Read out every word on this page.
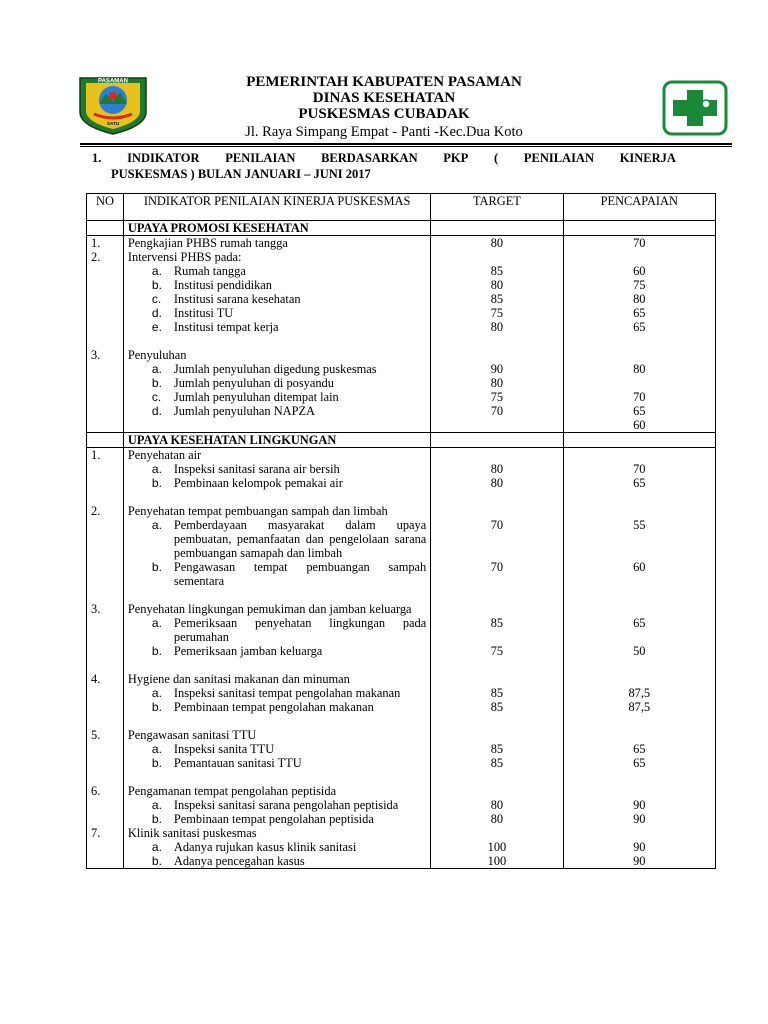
PASAMAN
SATU
PEMERINTAH KABUPATEN PASAMAN
DINAS KESEHATAN
PUSKESMAS CUBADAK
Jl. Raya Simpang Empat - Panti -Kec.Dua Koto
1. INDIKATOR PENILAIAN BERDASARKAN PKP ( PENILAIAN KINERJA
PUSKESMAS ) BULAN JANUARI – JUNI 2017
NO	INDIKATOR PENILAIAN KINERJA PUSKESMAS	TARGET	PENCAPAIAN
	UPAYA PROMOSI KESEHATAN		
1.	Pengkajian PHBS rumah tangga	80	70
2.	Intervensi PHBS pada:		

	a. Rumah tangga	85	60

	b. Institusi pendidikan	80	75

	c. Institusi sarana kesehatan	85	80

	d. Institusi TU	75	65

	e. Institusi tempat kerja	80	65

3.	Penyuluhan		

	a. Jumlah penyuluhan digedung puskesmas	90	80

	b. Jumlah penyuluhan di posyandu	80	

	c. Jumlah penyuluhan ditempat lain	75	70

	d. Jumlah penyuluhan NAPZA	70	65
			60
	UPAYA KESEHATAN LINGKUNGAN		
1.	Penyehatan air		

	a. Inspeksi sanitasi sarana air bersih	80	70

	b. Pembinaan kelompok pemakai air	80	65

2.	Penyehatan tempat pembuangan sampah dan limbah		

	a. Pemberdayaan masyarakat dalam upaya pembuatan, pemanfaatan dan pengelolaan sarana pembuangan samapah dan limbah	70	55

	b. Pengawasan tempat pembuangan sampah sementara	70	60

3.	Penyehatan lingkungan pemukiman dan jamban keluarga		

	a. Pemeriksaan penyehatan lingkungan pada perumahan	85	65

	b. Pemeriksaan jamban keluarga	75	50

4.	Hygiene dan sanitasi makanan dan minuman		

	a. Inspeksi sanitasi tempat pengolahan makanan	85	87,5

	b. Pembinaan tempat pengolahan makanan	85	87,5

5.	Pengawasan sanitasi TTU		

	a. Inspeksi sanita TTU	85	65

	b. Pemantauan sanitasi TTU	85	65

6.	Pengamanan tempat pengolahan peptisida		

	a. Inspeksi sanitasi sarana pengolahan peptisida	80	90

	b. Pembinaan tempat pengolahan peptisida	80	90
7.	Klinik sanitasi puskesmas		

	a. Adanya rujukan kasus klinik sanitasi	100	90

	b. Adanya pencegahan kasus	100	90
